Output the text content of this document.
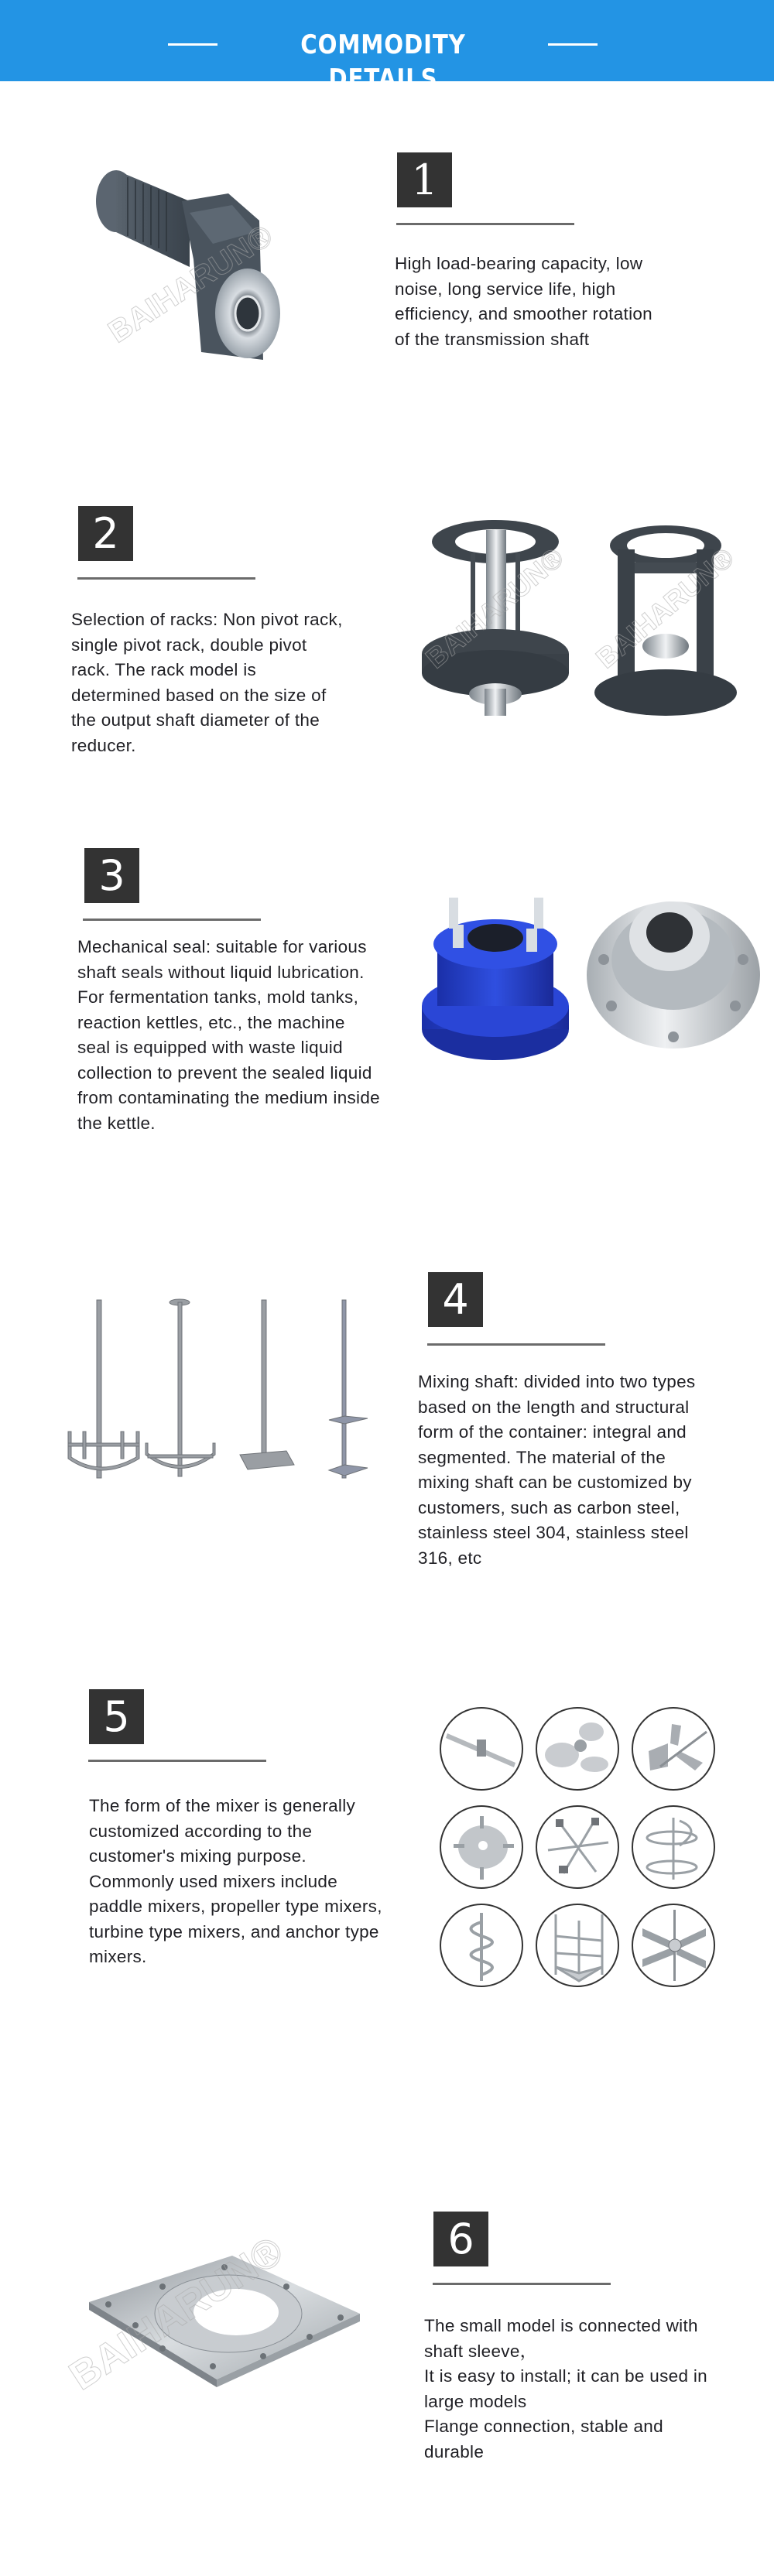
COMMODITY DETAILS
BAIHARUN®
1

High load-bearing capacity, low

noise, long service life, high

efficiency, and smoother rotation

of the transmission shaft

2

Selection of racks: Non pivot rack,

single pivot rack, double pivot

rack. The rack model is

determined based on the size of

the output shaft diameter of the

reducer.

BAIHARUN®
3

Mechanical seal: suitable for various

shaft seals without liquid lubrication.

For fermentation tanks, mold tanks,

reaction kettles, etc., the machine

seal is equipped with waste liquid

collection to prevent the sealed liquid

from contaminating the medium inside

the kettle.

4

Mixing shaft: divided into two types

based on the length and structural

form of the container: integral and

segmented. The material of the

mixing shaft can be customized by

customers, such as carbon steel,

stainless steel 304, stainless steel

316, etc

5

The form of the mixer is generally

customized according to the

customer's mixing purpose.

Commonly used mixers include

paddle mixers, propeller type mixers,

turbine type mixers, and anchor type

mixers.

6

The small model is connected with

shaft sleeve，

It is easy to install; it can be used in

large models

Flange connection, stable and

durable
